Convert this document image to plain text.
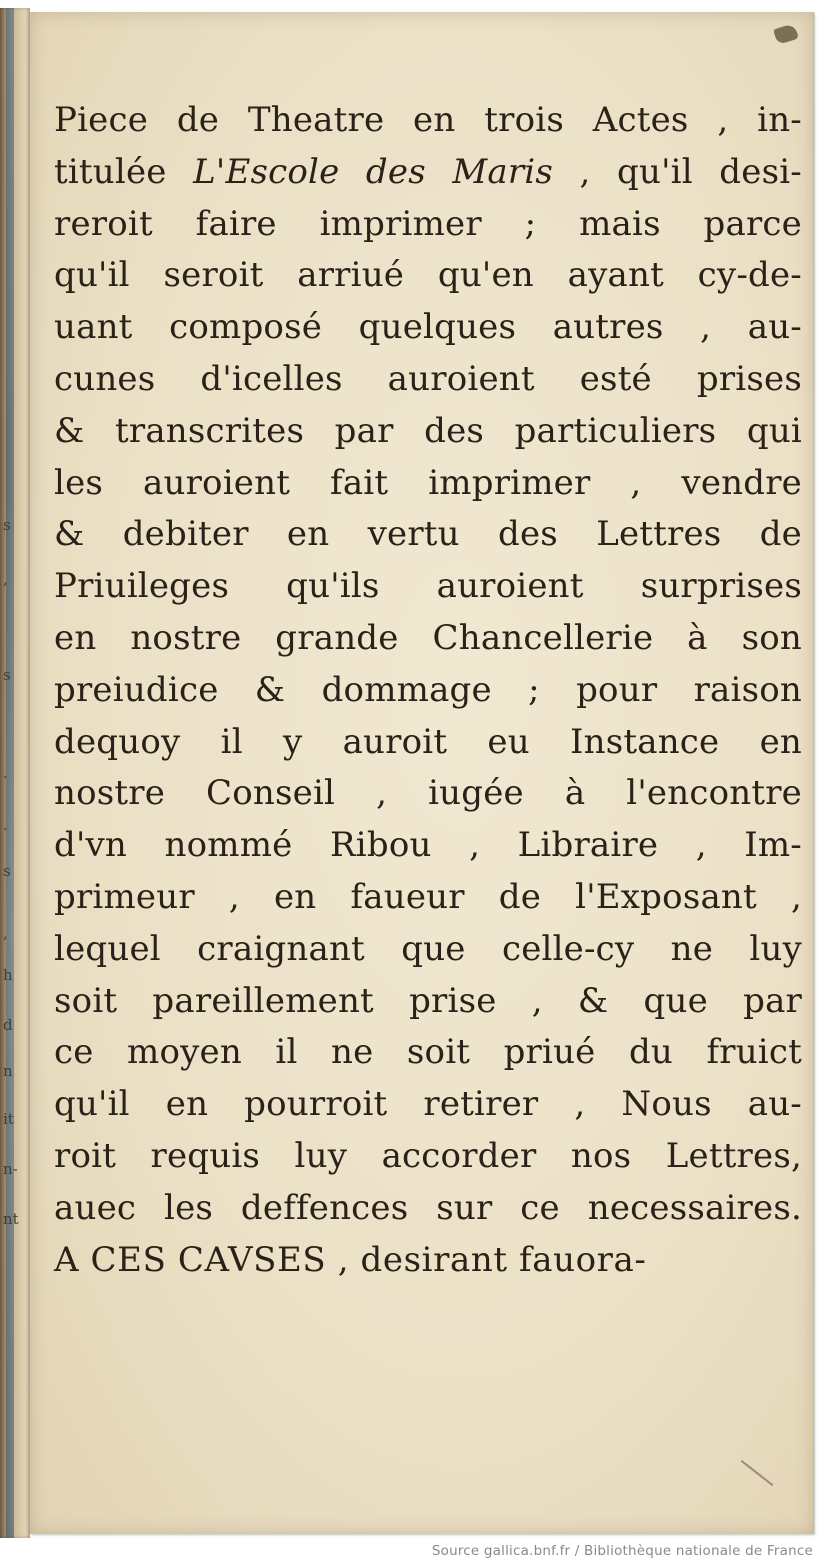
s
,
s
.
.
s
,
h
d
n
it
n-
nt
Piece de Theatre en trois Actes , in-
titulée L'Escole des Maris , qu'il desi-
reroit faire imprimer ; mais parce
qu'il seroit arriué qu'en ayant cy-de-
uant composé quelques autres , au-
cunes d'icelles auroient esté prises
& transcrites par des particuliers qui
les auroient fait imprimer , vendre
& debiter en vertu des Lettres de
Priuileges qu'ils auroient surprises
en nostre grande Chancellerie à son
preiudice & dommage ; pour raison
dequoy il y auroit eu Instance en
nostre Conseil , iugée à l'encontre
d'vn nommé Ribou , Libraire , Im-
primeur , en faueur de l'Exposant ,
lequel craignant que celle-cy ne luy
soit pareillement prise , & que par
ce moyen il ne soit priué du fruict
qu'il en pourroit retirer , Nous au-
roit requis luy accorder nos Lettres,
auec les deffences sur ce necessaires.
A CES CAVSES , desirant fauora-
Source gallica.bnf.fr / Bibliothèque nationale de France
